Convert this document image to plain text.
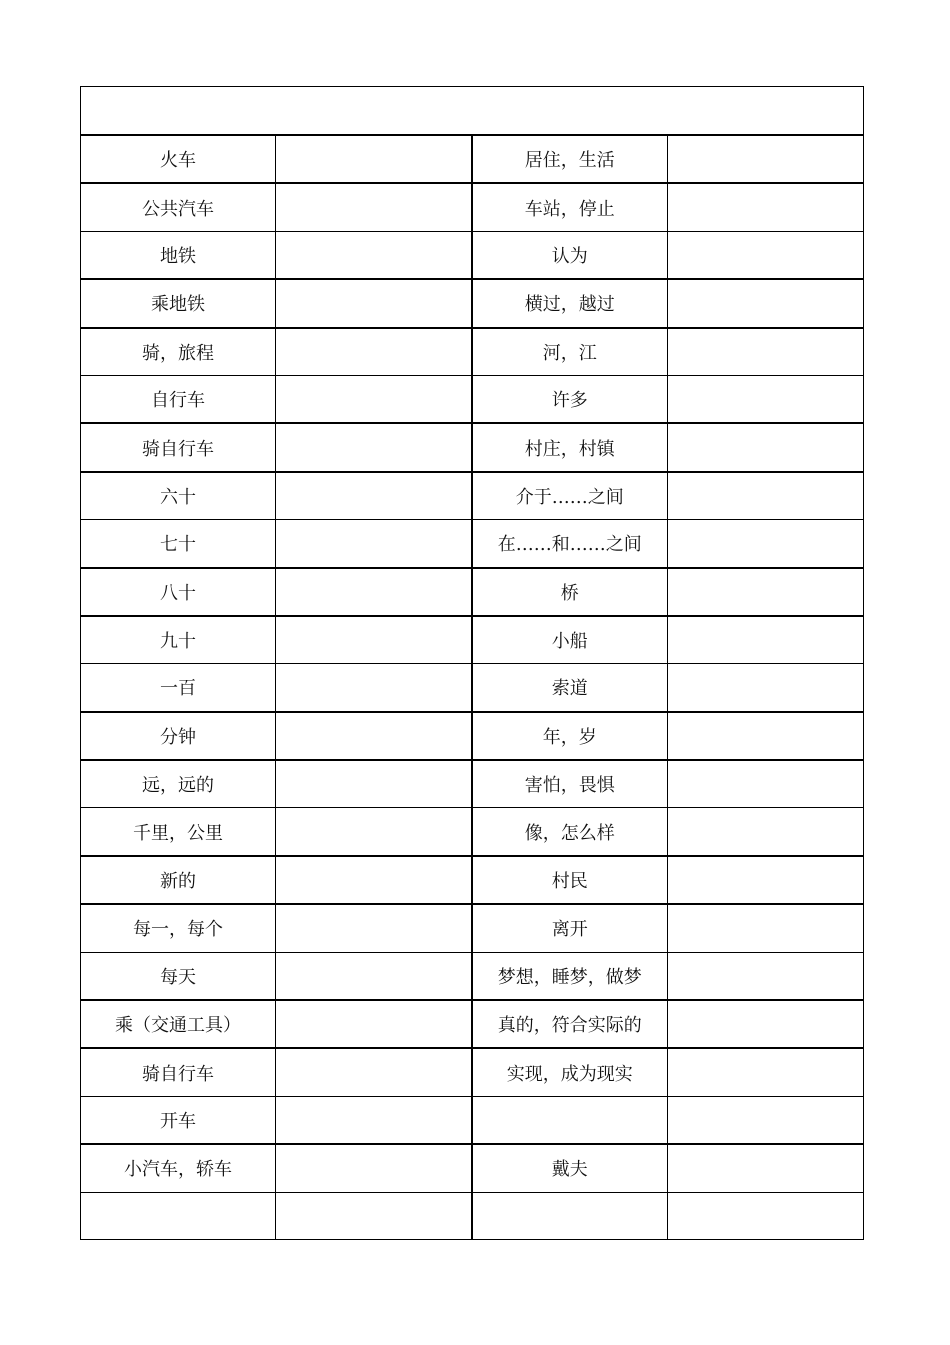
火车		居住，生活	
公共汽车		车站，停止	
地铁		认为	
乘地铁		横过，越过	
骑，旅程		河，江	
自行车		许多	
骑自行车		村庄，村镇	
六十		介于……之间	
七十		在……和……之间	
八十		桥	
九十		小船	
一百		索道	
分钟		年，岁	
远，远的		害怕，畏惧	
千里，公里		像，怎么样	
新的		村民	
每一，每个		离开	
每天		梦想，睡梦，做梦	
乘（交通工具）		真的，符合实际的	
骑自行车		实现，成为现实	
开车			
小汽车，轿车		戴夫	
